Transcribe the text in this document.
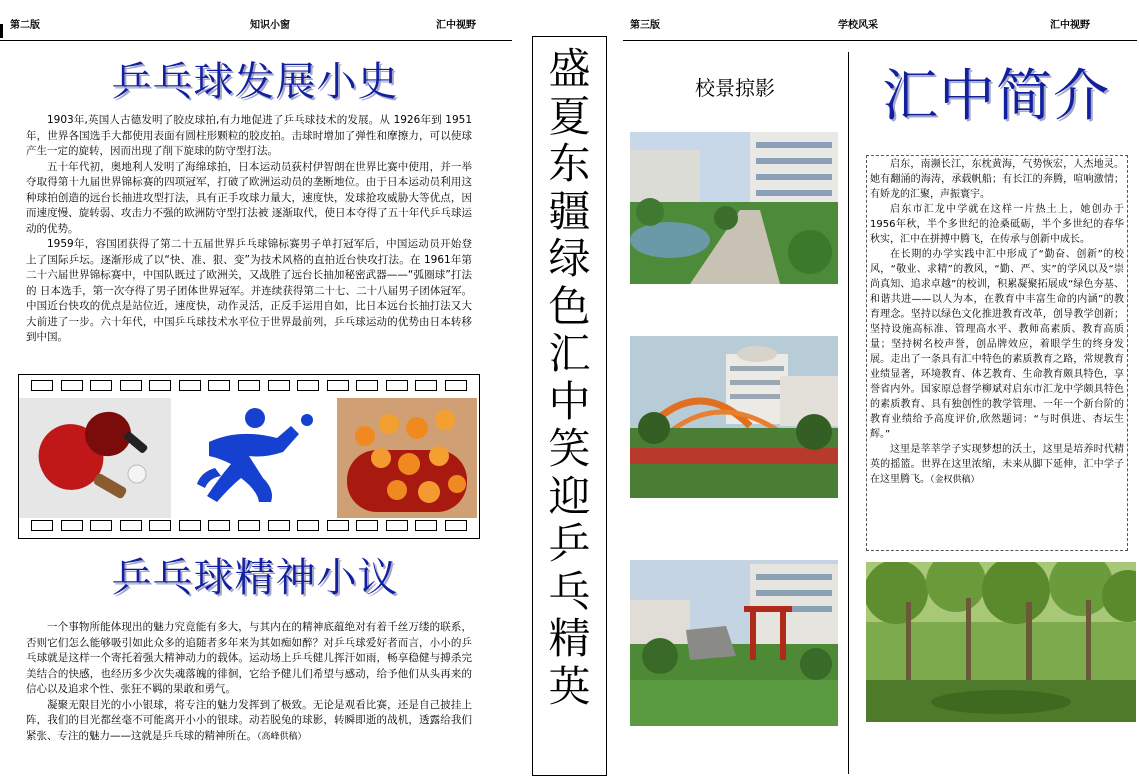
第二版	知识小窗	汇中视野	第三版	学校风采	汇中视野
乒乓球发展小史

1903年,英国人古德发明了胶皮球拍,有力地促进了乒乓球技术的发展。从 1926年到 1951年，世界各国选手大都使用表面有圆柱形颗粒的胶皮拍。击球时增加了弹性和摩擦力，可以使球产生一定的旋转，因而出现了削下旋球的防守型打法。

五十年代初，奥地利人发明了海绵球拍，日本运动员荻村伊智朗在世界比赛中使用，并一举夺取得第十九届世界锦标赛的四项冠军，打破了欧洲运动员的垄断地位。由于日本运动员利用这种球拍创造的远台长抽进攻型打法，具有正手攻球力量大，速度快，发球抢攻威胁大等优点，因而速度慢、旋转弱、攻击力不强的欧洲防守型打法被 逐渐取代，使日本夺得了五十年代乒乓球运动的优势。

1959年，容国团获得了第二十五届世界乒乓球锦标赛男子单打冠军后，中国运动员开始登上了国际乒坛。逐渐形成了以“快、准、狠、变”为技术风格的直拍近台快攻打法。在 1961年第二十六届世界锦标赛中，中国队既过了欧洲关，又战胜了远台长抽加秘密武器——“弧圈球”打法的 日本选手，第一次夺得了男子团体世界冠军。并连续获得第二十七、二十八届男子团体冠军。中国近台快攻的优点是站位近，速度快，动作灵活，正反手运用自如，比日本远台长抽打法又大大前进了一步。六十年代，中国乒乓球技术水平位于世界最前列，乒乓球运动的优势由日本转移到中国。

乒乓球精神小议

一个事物所能体现出的魅力究竟能有多大，与其内在的精神底蕴绝对有着千丝万缕的联系，否则它们怎么能够吸引如此众多的追随者多年来为其如痴如醉？对乒乓球爱好者而言，小小的乒乓球就是这样一个寄托着强大精神动力的载体。运动场上乒乓健儿挥汗如雨，畅享稳健与搏杀完美结合的快感，也经历多少次失魂落魄的徘徊，它给予健儿们希望与感动，给予他们从头再来的信心以及追求个性、张狂不羁的果敢和勇气。

凝聚无限目光的小小银球，将专注的魅力发挥到了极致。无论是观看比赛，还是自己披挂上阵，我们的目光都丝毫不可能离开小小的银球。动若脱兔的球影，转瞬即逝的战机，透露给我们紧张、专注的魅力——这就是乒乓球的精神所在。（高峰供稿）

盛夏东疆 绿色汇中笑迎乒乓精英
校景掠影	汇中简介

启东，南濒长江，东枕黄海，气势恢宏，人杰地灵。她有翻涌的海涛，承载帆船；有长江的奔腾，喧响激情；有娇龙的汇聚，声振寰宇。

启东市汇龙中学就在这样一片热土上，她创办于 1956年秋，半个多世纪的沧桑砥砺，半个多世纪的春华秋实，汇中在拼搏中腾飞，在传承与创新中成长。

在长期的办学实践中汇中形成了“勤奋、创新”的校风，“敬业、求精”的教风，“勤、严、实”的学风以及“崇尚真知、追求卓越”的校训，积累凝聚拓展成“绿色夯基、和谐共进——以人为本，在教育中丰富生命的内涵”的教育理念。坚持以绿色文化推进教育改革，创导教学创新；坚持设施高标准、管理高水平、教师高素质、教育高质量；坚持树名校声誉，创品牌效应，着眼学生的终身发展。走出了一条具有汇中特色的素质教育之路，常规教育业绩显著，环境教育、体艺教育、生命教育颇具特色，享誉省内外。国家原总督学柳斌对启东市汇龙中学颇具特色的素质教育、具有独创性的教学管理、一年一个新台阶的教育业绩给予高度评价,欣然题词：“与时俱进、杏坛生辉。”

这里是莘莘学子实现梦想的沃土，这里是培养时代精英的摇篮。世界在这里浓缩，未来从脚下延伸，汇中学子在这里腾飞。（金权供稿）
